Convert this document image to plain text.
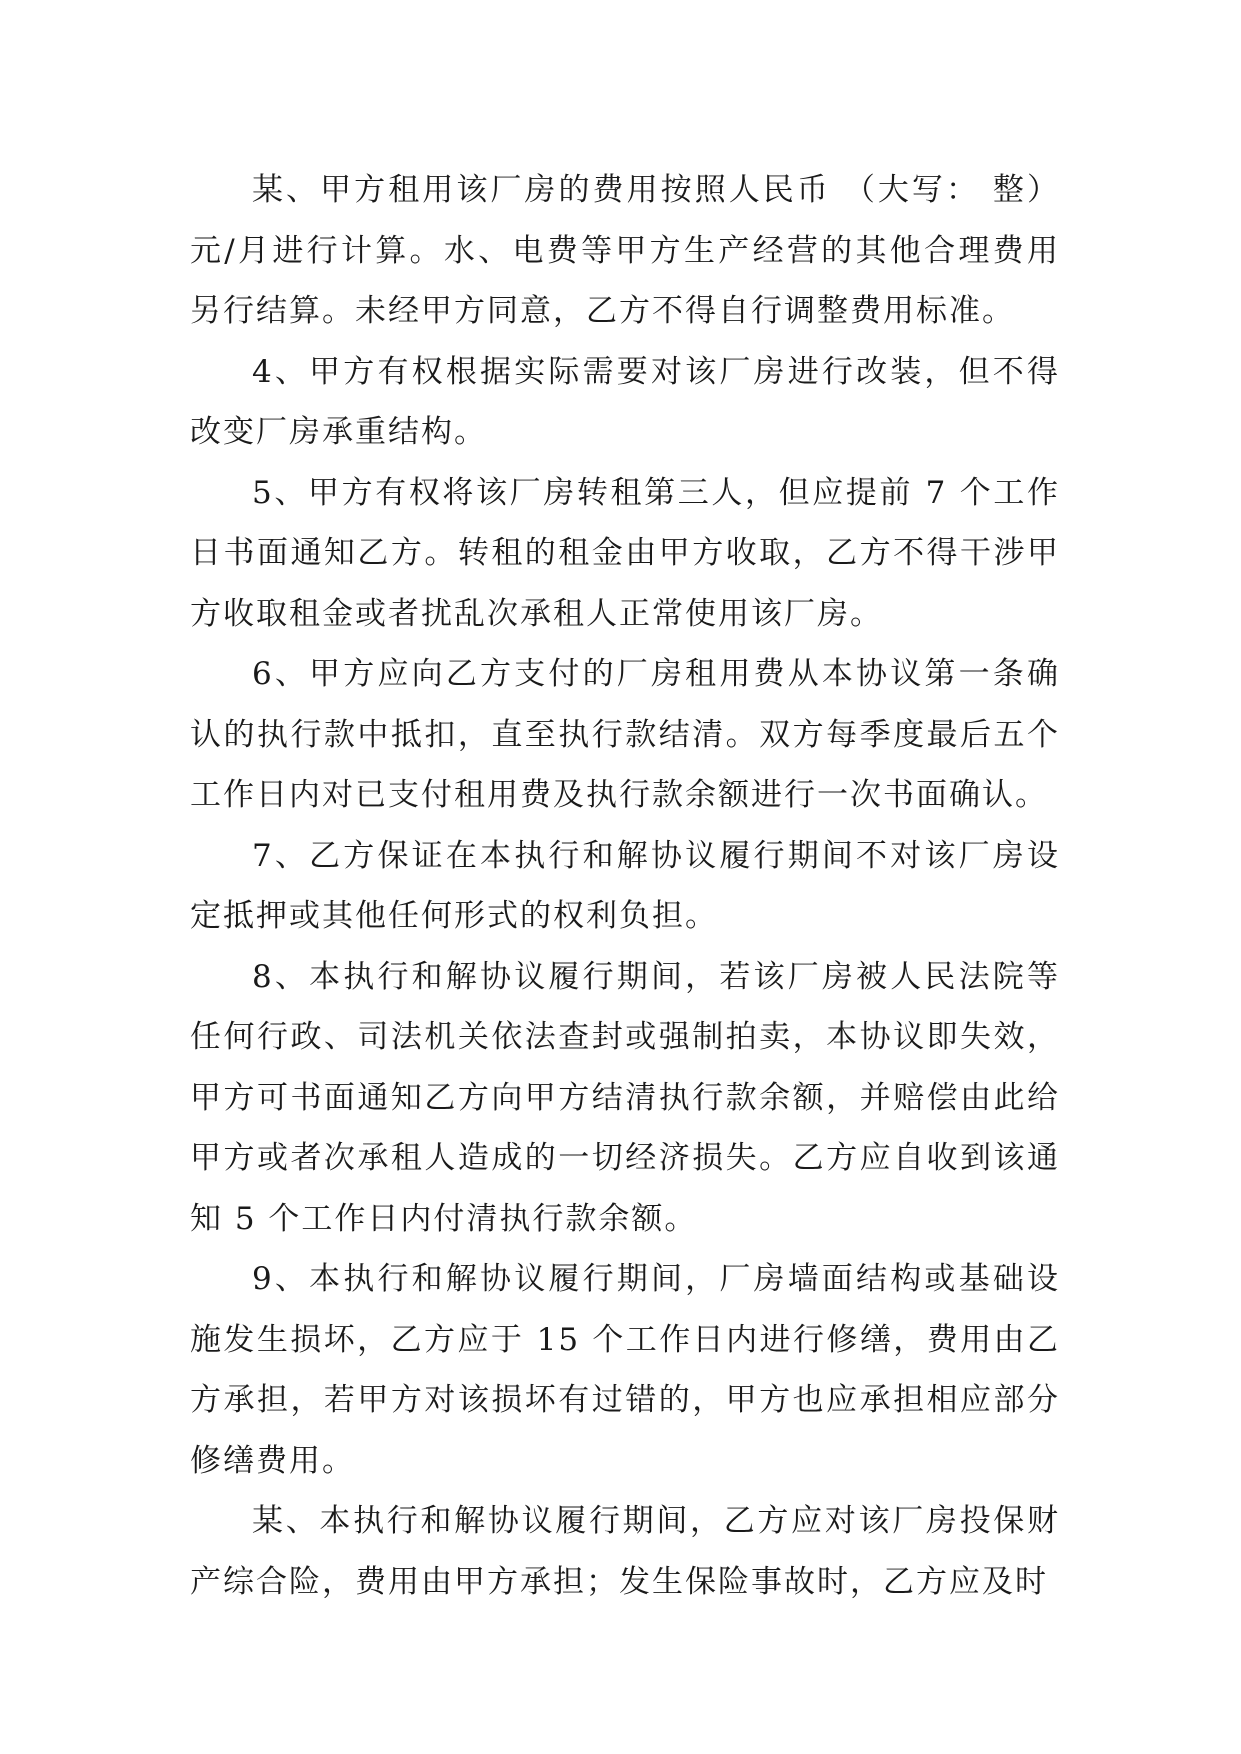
某、甲方租用该厂房的费用按照人民币 （大写： 整）元/月进行计算。水、电费等甲方生产经营的其他合理费用另行结算。未经甲方同意，乙方不得自行调整费用标准。

4、甲方有权根据实际需要对该厂房进行改装，但不得改变厂房承重结构。

5、甲方有权将该厂房转租第三人，但应提前 7 个工作日书面通知乙方。转租的租金由甲方收取，乙方不得干涉甲方收取租金或者扰乱次承租人正常使用该厂房。

6、甲方应向乙方支付的厂房租用费从本协议第一条确认的执行款中抵扣，直至执行款结清。双方每季度最后五个工作日内对已支付租用费及执行款余额进行一次书面确认。

7、乙方保证在本执行和解协议履行期间不对该厂房设定抵押或其他任何形式的权利负担。

8、本执行和解协议履行期间，若该厂房被人民法院等任何行政、司法机关依法查封或强制拍卖，本协议即失效，甲方可书面通知乙方向甲方结清执行款余额，并赔偿由此给甲方或者次承租人造成的一切经济损失。乙方应自收到该通知 5 个工作日内付清执行款余额。

9、本执行和解协议履行期间，厂房墙面结构或基础设施发生损坏，乙方应于 15 个工作日内进行修缮，费用由乙方承担，若甲方对该损坏有过错的，甲方也应承担相应部分修缮费用。

某、本执行和解协议履行期间，乙方应对该厂房投保财产综合险，费用由甲方承担；发生保险事故时，乙方应及时
